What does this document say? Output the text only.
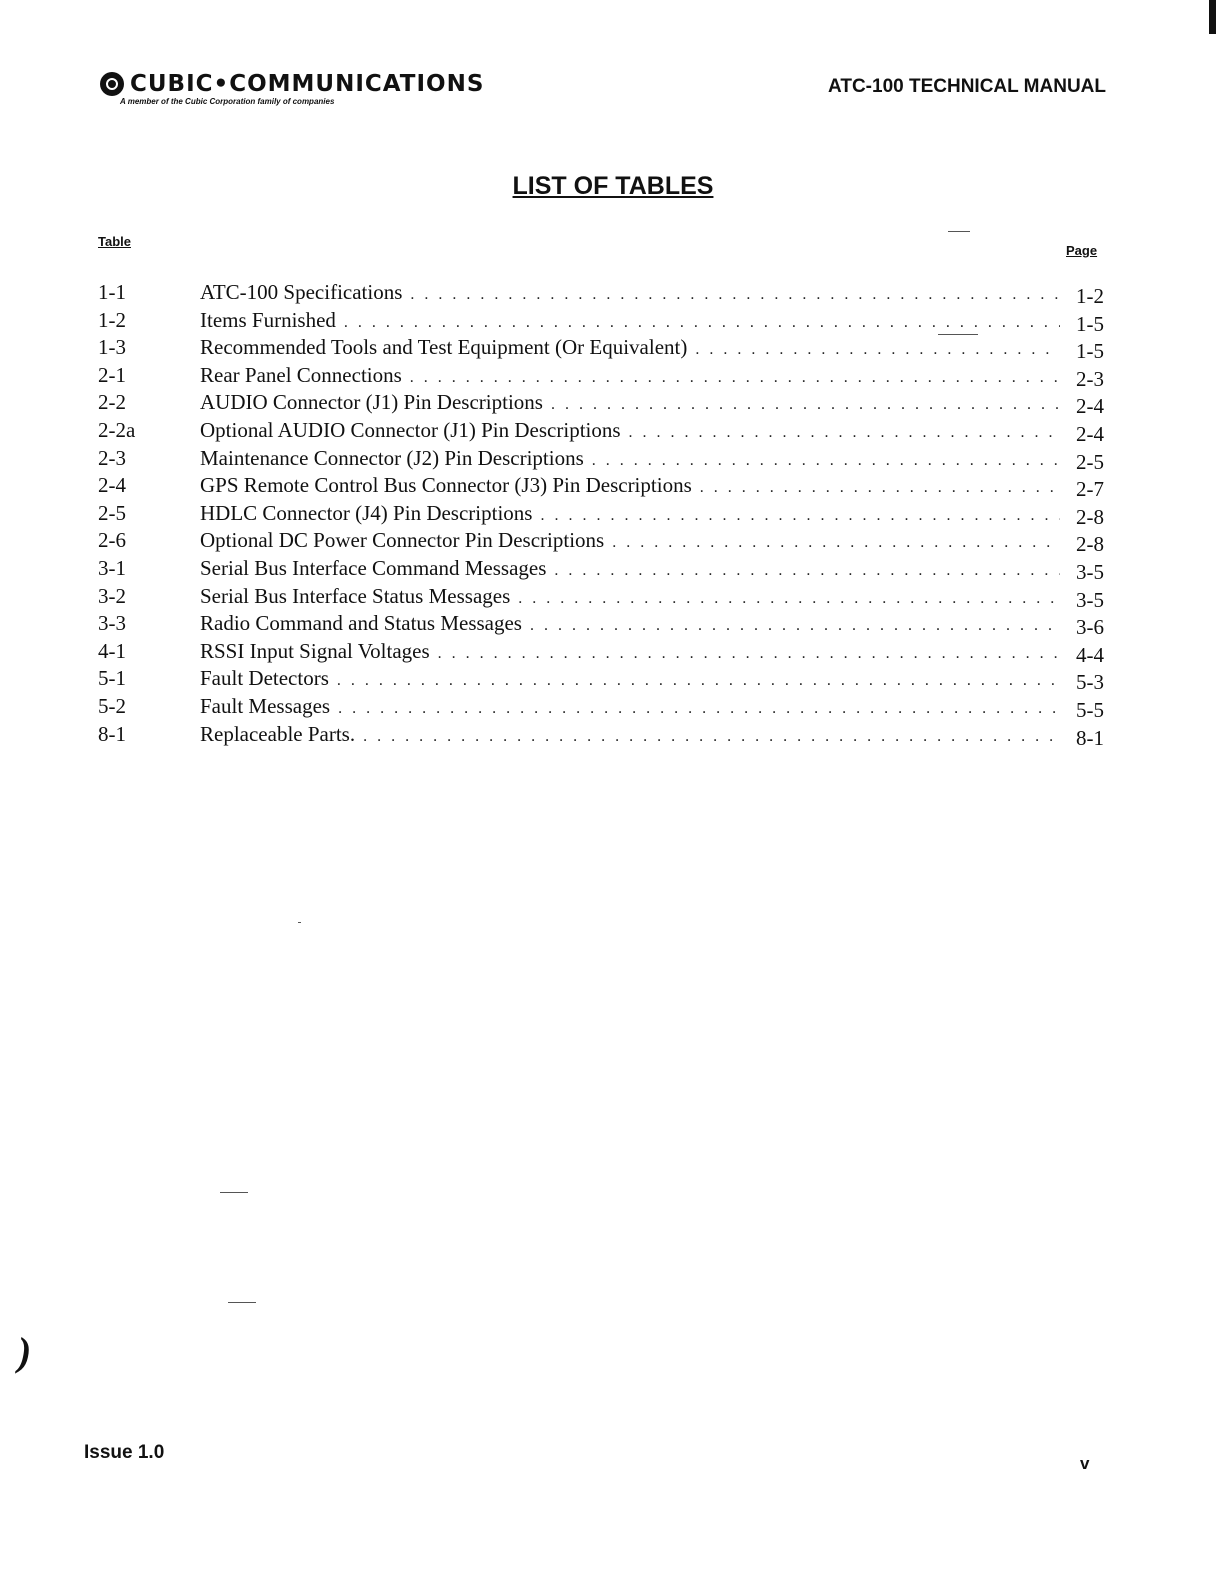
CUBIC•COMMUNICATIONS
A member of the Cubic Corporation family of companies
ATC-100 TECHNICAL MANUAL
LIST OF TABLES
Table
Page
1-1	ATC-100 Specifications . . .	1-2
1-2	Items Furnished . . .	1-5
1-3	Recommended Tools and Test Equipment (Or Equivalent) . . .	1-5
2-1	Rear Panel Connections . . .	2-3
2-2	AUDIO Connector (J1) Pin Descriptions . . .	2-4
2-2a	Optional AUDIO Connector (J1) Pin Descriptions . . .	2-4
2-3	Maintenance Connector (J2) Pin Descriptions . . .	2-5
2-4	GPS Remote Control Bus Connector (J3) Pin Descriptions . . .	2-7
2-5	HDLC Connector (J4) Pin Descriptions . . .	2-8
2-6	Optional DC Power Connector Pin Descriptions . . .	2-8
3-1	Serial Bus Interface Command Messages . . .	3-5
3-2	Serial Bus Interface Status Messages . . .	3-5
3-3	Radio Command and Status Messages . . .	3-6
4-1	RSSI Input Signal Voltages . . .	4-4
5-1	Fault Detectors . . .	5-3
5-2	Fault Messages . . .	5-5
8-1	Replaceable Parts. . . .	8-1
)
Issue 1.0
v
